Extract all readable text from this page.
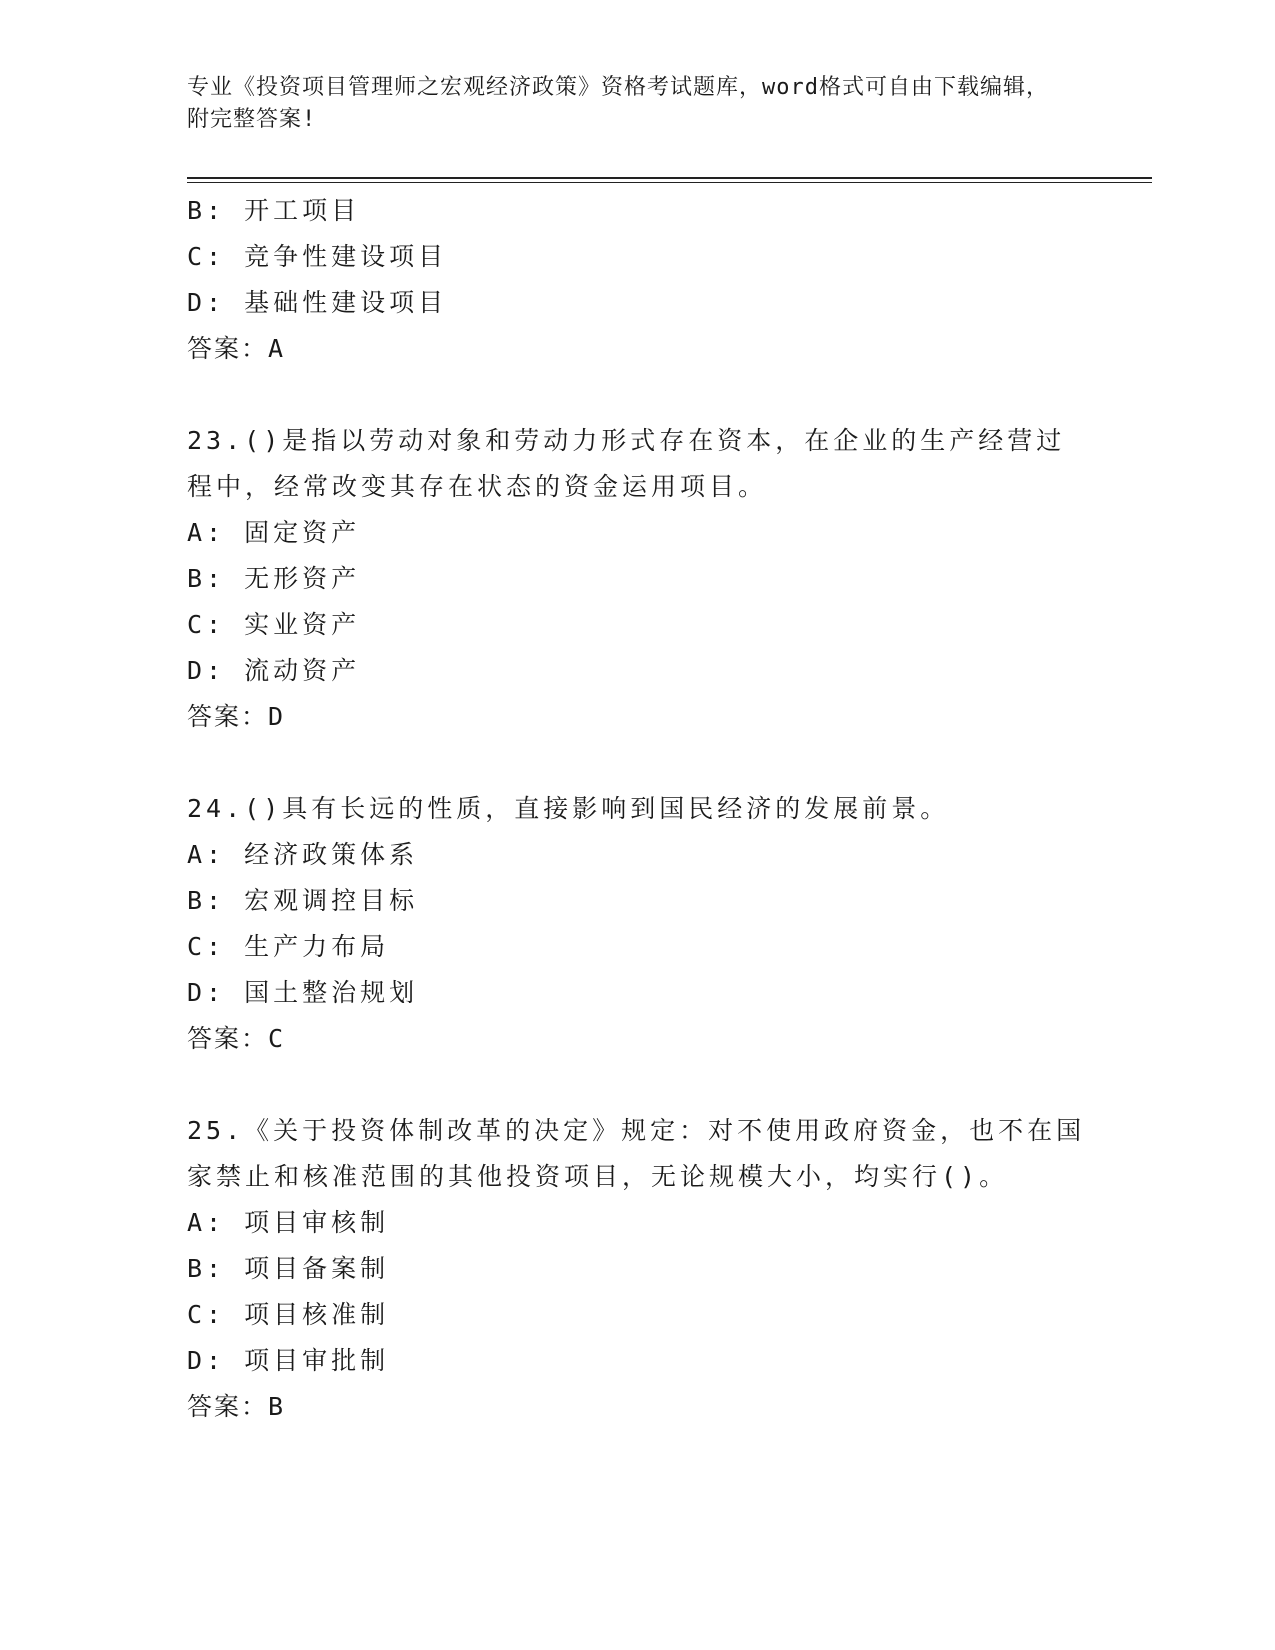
专业《投资项目管理师之宏观经济政策》资格考试题库，word格式可自由下载编辑，附完整答案!
B: 开工项目
C: 竞争性建设项目
D: 基础性建设项目
答案：A
23.()是指以劳动对象和劳动力形式存在资本，在企业的生产经营过程中，经常改变其存在状态的资金运用项目。
A: 固定资产
B: 无形资产
C: 实业资产
D: 流动资产
答案：D
24.()具有长远的性质，直接影响到国民经济的发展前景。
A: 经济政策体系
B: 宏观调控目标
C: 生产力布局
D: 国土整治规划
答案：C
25.《关于投资体制改革的决定》规定：对不使用政府资金，也不在国家禁止和核准范围的其他投资项目，无论规模大小，均实行()。
A: 项目审核制
B: 项目备案制
C: 项目核准制
D: 项目审批制
答案：B
